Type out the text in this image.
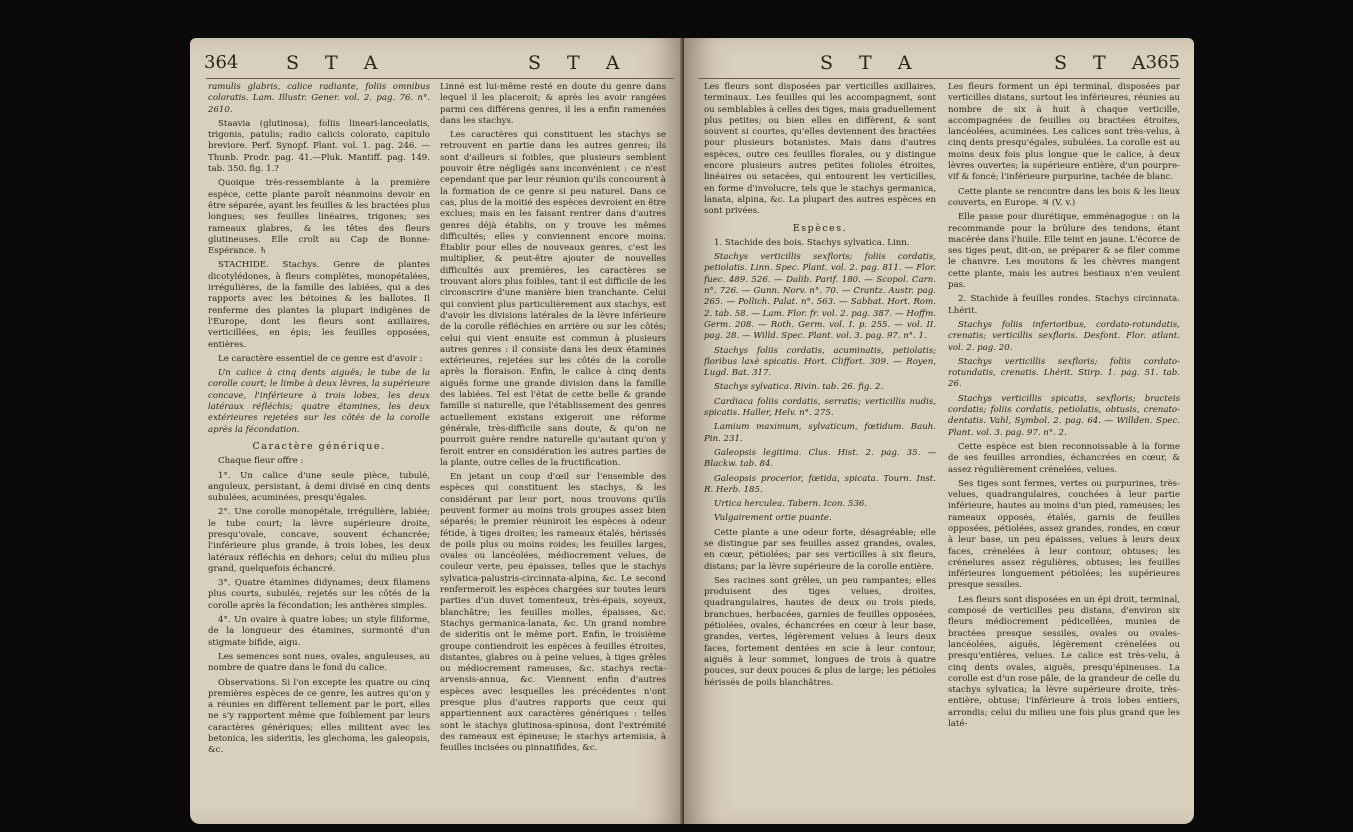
364	S T A	S T A

ramulis glabris, calice radiante, foliis omnibus coloratis. Lam. Illustr. Gener. vol. 2. pag. 76. n°. 2610.

Staavia (glutinosa), foliis lineari-lanceolatis, trigonis, patulis; radio calicis colorato, capitulo breviore. Perf. Synopf. Plant. vol. 1. pag. 246. — Thunb. Prodr. pag. 41.—Pluk. Mantiff. pag. 149. tab. 350. fig. 1.?

Quoique très-ressemblante à la première espèce, cette plante paroît néanmoins devoir en être séparée, ayant les feuilles & les bractées plus longues; ses feuilles linéaires, trigones; ses rameaux glabres, & les têtes des fleurs glutineuses. Elle croît au Cap de Bonne-Espérance. ♄

STACHIDE. Stachys. Genre de plantes dicotylédones, à fleurs complètes, monopétalées, irrégulières, de la famille des labiées, qui a des rapports avec les bétoines & les ballotes. Il renferme des plantes la plupart indigènes de l'Europe, dont les fleurs sont axillaires, verticillées, en épis; les feuilles opposées, entières.

Le caractère essentiel de ce genre est d'avoir :

Un calice à cinq dents aiguës; le tube de la corolle court; le limbe à deux lèvres, la supérieure concave, l'inférieure à trois lobes, les deux latéraux réfléchis; quatre étamines, les deux extérieures rejetées sur les côtés de la corolle après la fécondation.

Caractère générique.

Chaque fleur offre :

1°. Un calice d'une seule pièce, tubulé, anguleux, persistant, à demi divisé en cinq dents subulées, acuminées, presqu'égales.

2°. Une corolle monopétale, irrégulière, labiée; le tube court; la lèvre supérieure droite, presqu'ovale, concave, souvent échancrée; l'inférieure plus grande, à trois lobes, les deux latéraux réfléchis en dehors; celui du milieu plus grand, quelquefois échancré.

3°. Quatre étamines didynames; deux filamens plus courts, subulés, rejetés sur les côtés de la corolle après la fécondation; les anthères simples.

4°. Un ovaire à quatre lobes; un style filiforme, de la longueur des étamines, surmonté d'un stigmate bifide, aigu.

Les semences sont nues, ovales, anguleuses, au nombre de quatre dans le fond du calice.

Observations. Si l'on excepte les quatre ou cinq premières espèces de ce genre, les autres qu'on y a réunies en diffèrent tellement par le port, elles ne s'y rapportent même que foiblement par leurs caractères génériques; elles militent avec les betonica, les sideritis, les glechoma, les galeopsis, &c.

Linné est lui-même resté en doute du genre dans lequel il les placeroit; & après les avoir rangées parmi ces différens genres, il les a enfin ramenées dans les stachys.

Les caractères qui constituent les stachys se retrouvent en partie dans les autres genres; ils sont d'ailleurs si foibles, que plusieurs semblent pouvoir être négligés sans inconvénient : ce n'est cependant que par leur réunion qu'ils concourent à la formation de ce genre si peu naturel. Dans ce cas, plus de la moitié des espèces devroient en être exclues; mais en les faisant rentrer dans d'autres genres déjà établis, on y trouve les mêmes difficultés; elles y conviennent encore moins. Établir pour elles de nouveaux genres, c'est les multiplier, & peut-être ajouter de nouvelles difficultés aux premières, les caractères se trouvant alors plus foibles, tant il est difficile de les circonscrire d'une manière bien tranchante. Celui qui convient plus particulièrement aux stachys, est d'avoir les divisions latérales de la lèvre inférieure de la corolle réfléchies en arrière ou sur les côtés; celui qui vient ensuite est commun à plusieurs autres genres : il consiste dans les deux étamines extérieures, rejetées sur les côtés de la corolle après la floraison. Enfin, le calice à cinq dents aiguës forme une grande division dans la famille des labiées. Tel est l'état de cette belle & grande famille si naturelle, que l'établissement des genres actuellement existans exigeroit une réforme générale, très-difficile sans doute, & qu'on ne pourroit guère rendre naturelle qu'autant qu'on y feroit entrer en considération les autres parties de la plante, outre celles de la fructification.

En jetant un coup d'œil sur l'ensemble des espèces qui constituent les stachys, & les considérant par leur port, nous trouvons qu'ils peuvent former au moins trois groupes assez bien séparés; le premier réuniroit les espèces à odeur fétide, à tiges droites; les rameaux étalés, hérissés de poils plus ou moins roides; les feuilles larges, ovales ou lancéolées, médiocrement velues, de couleur verte, peu épaisses, telles que le stachys sylvatica-palustris-circinnata-alpina, &c. Le second renfermeroit les espèces chargées sur toutes leurs parties d'un duvet tomenteux, très-épais, soyeux, blanchâtre; les feuilles molles, épaisses, &c. Stachys germanica-lanata, &c. Un grand nombre de sideritis ont le même port. Enfin, le troisième groupe contiendroit les espèces à feuilles étroites, distantes, glabres ou à peine velues, à tiges grêles ou médiocrement rameuses, &c. stachys recta-arvensis-annua, &c. Viennent enfin d'autres espèces avec lesquelles les précédentes n'ont presque plus d'autres rapports que ceux qui appartiennent aux caractères génériques : telles sont le stachys glutinosa-spinosa, dont l'extrémité des rameaux est épineuse; le stachys artemisia, à feuilles incisées ou pinnatifides, &c.

S T A	S T A
365

Les fleurs sont disposées par verticilles axillaires, terminaux. Les feuilles qui les accompagnent, sont ou semblables à celles des tiges, mais graduellement plus petites; ou bien elles en diffèrent, & sont souvent si courtes, qu'elles deviennent des bractées pour plusieurs botanistes. Mais dans d'autres espèces, outre ces feuilles florales, ou y distingue encore plusieurs autres petites folioles étroites, linéaires ou setacées, qui entourent les verticilles, en forme d'involucre, tels que le stachys germanica, lanata, alpina, &c. La plupart des autres espèces en sont privées.

Espèces.

1. Stachide des bois. Stachys sylvatica. Linn.

Stachys verticillis sexfloris; foliis cordatis, petiolatis. Linn. Spec. Plant. vol. 2. pag. 811. — Flor. fuec. 489. 526. — Dalib. Parif. 180. — Scopol. Carn. n°. 726. — Gunn. Norv. n°. 70. — Crantz. Austr. pag. 265. — Pollich. Palat. n°. 563. — Sabbat. Hort. Rom. 2. tab. 58. — Lam. Flor. fr. vol. 2. pag. 387. — Hoffm. Germ. 208. — Roth. Germ. vol. I. p. 255. — vol. II. pag. 28. — Willd. Spec. Plant. vol. 3. pag. 97. n°. 1.

Stachys foliis cordatis, acuminatis, petiolatis; floribus laxè spicatis. Hort. Cliffort. 309. — Royen, Lugd. Bat. 317.

Stachys sylvatica. Rivin. tab. 26. fig. 2.

Cardiaca foliis cordatis, serratis; verticillis nudis, spicatis. Haller, Helv. n°. 275.

Lamium maximum, sylvaticum, fœtidum. Bauh. Pin. 231.

Galeopsis legitima. Clus. Hist. 2. pag. 35. — Blackw. tab. 84.

Galeopsis procerior, fœtida, spicata. Tourn. Inst. R. Herb. 185.

Urtica herculea. Tabern. Icon. 536.

Vulgairement ortie puante.

Cette plante a une odeur forte, désagréable; elle se distingue par ses feuilles assez grandes, ovales, en cœur, pétiolées; par ses verticilles à six fleurs, distans; par la lèvre supérieure de la corolle entière.

Ses racines sont grêles, un peu rampantes; elles produisent des tiges velues, droites, quadrangulaires, hautes de deux ou trois pieds, branchues, herbacées, garnies de feuilles opposées, pétiolées, ovales, échancrées en cœur à leur base, grandes, vertes, légèrement velues à leurs deux faces, fortement dentées en scie à leur contour, aiguës à leur sommet, longues de trois à quatre pouces, sur deux pouces & plus de large; les pétioles hérissés de poils blanchâtres.

Les fleurs forment un épi terminal, disposées par verticilles distans, surtout les inférieures, réunies au nombre de six à huit à chaque verticille, accompagnées de feuilles ou bractées étroites, lancéolées, acuminées. Les calices sont très-velus, à cinq dents presqu'égales, subulées. La corolle est au moins deux fois plus longue que le calice, à deux lèvres ouvertes; la supérieure entière, d'un pourpre-vif & foncé; l'inférieure purpurine, tachée de blanc.

Cette plante se rencontre dans les bois & les lieux couverts, en Europe. ♃ (V. v.)

Elle passe pour diurétique, emménagogue : on la recommande pour la brûlure des tendons, étant macérée dans l'huile. Elle teint en jaune. L'écorce de ses tiges peut, dit-on, se préparer & se filer comme le chanvre. Les moutons & les chèvres mangent cette plante, mais les autres bestiaux n'en veulent pas.

2. Stachide à feuilles rondes. Stachys circinnata. Lhérit.

Stachys foliis inferioribus, cordato-rotundatis, crenatis; verticillis sexfloris. Desfont. Flor. atlant. vol. 2. pag. 20.

Stachys verticillis sexfloris; foliis cordato-rotundatis, crenatis. Lhérit. Stirp. 1. pag. 51. tab. 26.

Stachys verticillis spicatis, sexfloris; bracteis cordatis; foliis cordatis, petiolatis, obtusis, crenato-dentatis. Vahl, Symbol. 2. pag. 64. — Willden. Spec. Plant. vol. 3. pag. 97. n°. 2.

Cette espèce est bien reconnoissable à la forme de ses feuilles arrondies, échancrées en cœur, & assez régulièrement crénelées, velues.

Ses tiges sont fermes, vertes ou purpurines, très-velues, quadrangulaires, couchées à leur partie inférieure, hautes au moins d'un pied, rameuses; les rameaux opposés, étalés, garnis de feuilles opposées, pétiolées, assez grandes, rondes, en cœur à leur base, un peu épaisses, velues à leurs deux faces, crénelées à leur contour, obtuses; les crénelures assez régulières, obtuses; les feuilles inférieures longuement pétiolées; les supérieures presque sessiles.

Les fleurs sont disposées en un épi droit, terminal, composé de verticilles peu distans, d'environ six fleurs médiocrement pédicellées, munies de bractées presque sessiles, ovales ou ovales-lancéolées, aiguës, légèrement crénelées ou presqu'entières, velues. Le calice est très-velu, à cinq dents ovales, aiguës, presqu'épineuses. La corolle est d'un rose pâle, de la grandeur de celle du stachys sylvatica; la lèvre supérieure droite, très-entière, obtuse; l'inférieure à trois lobes entiers, arrondis; celui du milieu une fois plus grand que les laté-
